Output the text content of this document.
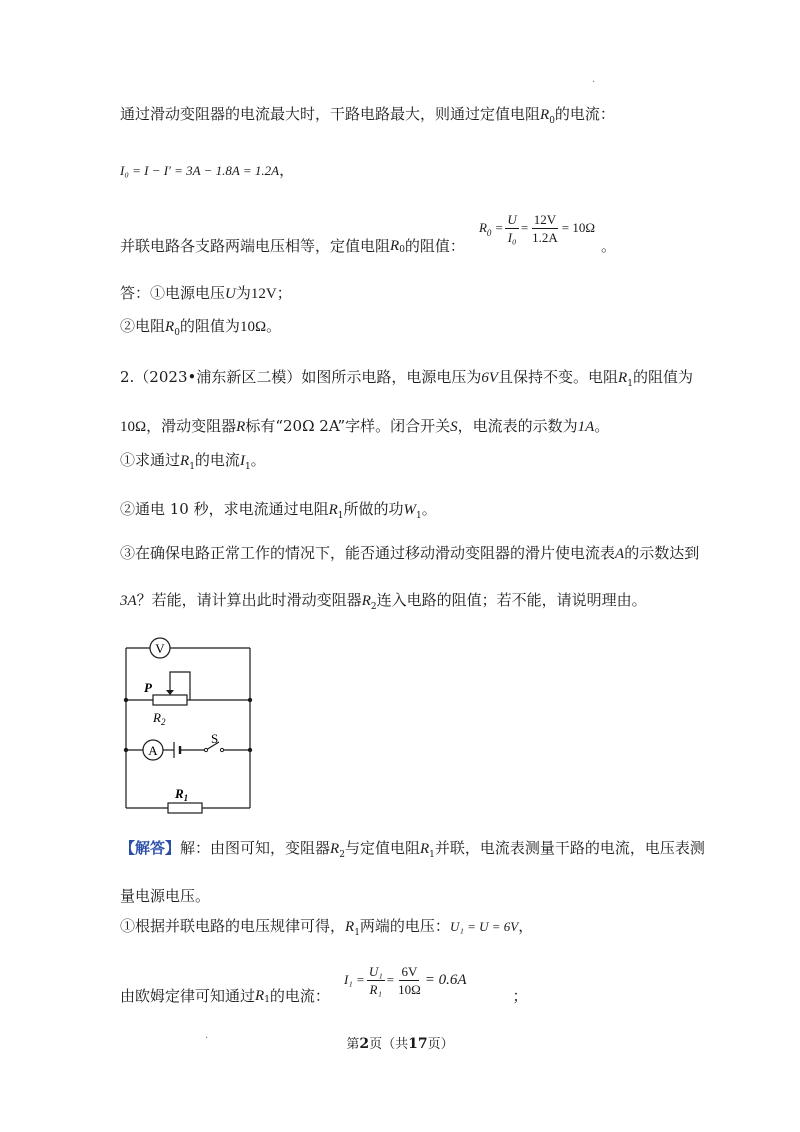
.
通过滑动变阻器的电流最大时，干路电路最大，则通过定值电阻$R_0$的电流：
I₀ = I − I′ = 3A − 1.8A = 1.2A，
并联电路各支路两端电压相等，定值电阻 R 0 的阻值：
$R_0 = \frac{U}{\text{I₀}} = \frac{12V}{1.2A} = 10\Omega$
。
答：①电源电压U为12V；
②电阻$R_0$的阻值为10Ω。
2.（2023•浦东新区二模）如图所示电路，电源电压为6V且保持不变。电阻$R_1$的阻值为
10Ω，滑动变阻器R标有“20Ω 2A”字样。闭合开关S，电流表的示数为1A。
①求通过$R_1$的电流$I_1$。
②通电 10 秒，求电流通过电阻$R_1$所做的功$W_1$。
③在确保电路正常工作的情况下，能否通过移动滑动变阻器的滑片使电流表A的示数达到
3A？若能，请计算出此时滑动变阻器$R_2$连入电路的阻值；若不能，请说明理由。
V
A
S
P
$R_2$
$R_1$
【解答】解：由图可知，变阻器$R_2$与定值电阻$R_1$并联，电流表测量干路的电流，电压表测
量电源电压。
①根据并联电路的电压规律可得，$R_1$两端的电压：U₁ = U = 6V，
由欧姆定律可知通过 R 1 的电流：
$I_1 = \frac{\text{U₁}}{\text{R₁}} = \frac{6V}{10\Omega} = 0.6A$
；
.
第2页（共17页）
